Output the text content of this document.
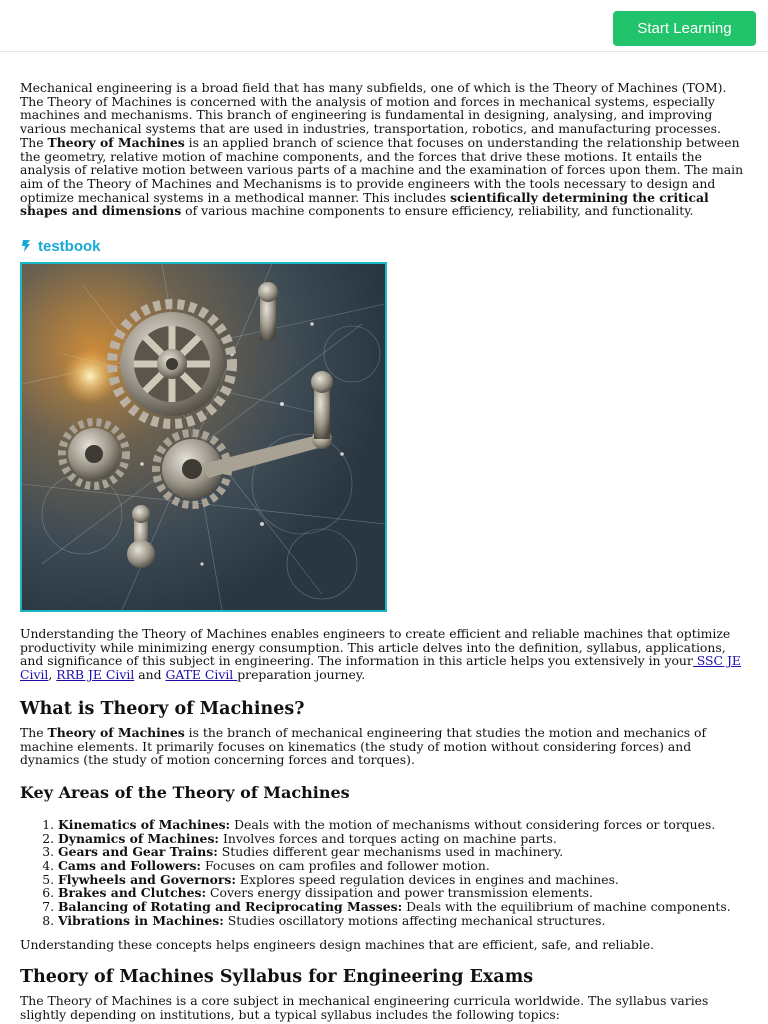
Start Learning

Mechanical engineering is a broad field that has many subfields, one of which is the Theory of Machines (TOM). The Theory of Machines is concerned with the analysis of motion and forces in mechanical systems, especially machines and mechanisms. This branch of engineering is fundamental in designing, analysing, and improving various mechanical systems that are used in industries, transportation, robotics, and manufacturing processes. The Theory of Machines is an applied branch of science that focuses on understanding the relationship between the geometry, relative motion of machine components, and the forces that drive these motions. It entails the analysis of relative motion between various parts of a machine and the examination of forces upon them. The main aim of the Theory of Machines and Mechanisms is to provide engineers with the tools necessary to design and optimize mechanical systems in a methodical manner. This includes scientifically determining the critical shapes and dimensions of various machine components to ensure efficiency, reliability, and functionality.

testbook

Understanding the Theory of Machines enables engineers to create efficient and reliable machines that optimize productivity while minimizing energy consumption. This article delves into the definition, syllabus, applications, and significance of this subject in engineering. The information in this article helps you extensively in your SSC JE Civil, RRB JE Civil and GATE Civil preparation journey.

What is Theory of Machines?

The Theory of Machines is the branch of mechanical engineering that studies the motion and mechanics of machine elements. It primarily focuses on kinematics (the study of motion without considering forces) and dynamics (the study of motion concerning forces and torques).

Key Areas of the Theory of Machines
1. Kinematics of Machines: Deals with the motion of mechanisms without considering forces or torques.
2. Dynamics of Machines: Involves forces and torques acting on machine parts.
3. Gears and Gear Trains: Studies different gear mechanisms used in machinery.
4. Cams and Followers: Focuses on cam profiles and follower motion.
5. Flywheels and Governors: Explores speed regulation devices in engines and machines.
6. Brakes and Clutches: Covers energy dissipation and power transmission elements.
7. Balancing of Rotating and Reciprocating Masses: Deals with the equilibrium of machine components.
8. Vibrations in Machines: Studies oscillatory motions affecting mechanical structures.

Understanding these concepts helps engineers design machines that are efficient, safe, and reliable.

Theory of Machines Syllabus for Engineering Exams

The Theory of Machines is a core subject in mechanical engineering curricula worldwide. The syllabus varies slightly depending on institutions, but a typical syllabus includes the following topics:
